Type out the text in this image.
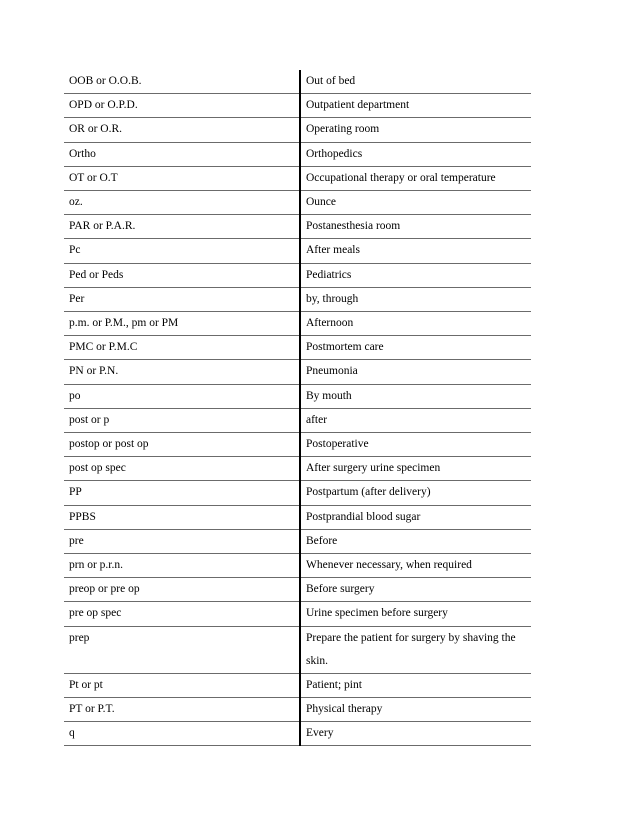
OOB or O.O.B.	Out of bed
OPD or O.P.D.	Outpatient department
OR or O.R.	Operating room
Ortho	Orthopedics
OT or O.T	Occupational therapy or oral temperature
oz.	Ounce
PAR or P.A.R.	Postanesthesia room
Pc	After meals
Ped or Peds	Pediatrics
Per	by, through
p.m. or P.M., pm or PM	Afternoon
PMC or P.M.C	Postmortem care
PN or P.N.	Pneumonia
po	By mouth
post or p	after
postop or post op	Postoperative
post op spec	After surgery urine specimen
PP	Postpartum (after delivery)
PPBS	Postprandial blood sugar
pre	Before
prn or p.r.n.	Whenever necessary, when required
preop or pre op	Before surgery
pre op spec	Urine specimen before surgery
prep	Prepare the patient for surgery by shaving the skin.
Pt or pt	Patient; pint
PT or P.T.	Physical therapy
q	Every
